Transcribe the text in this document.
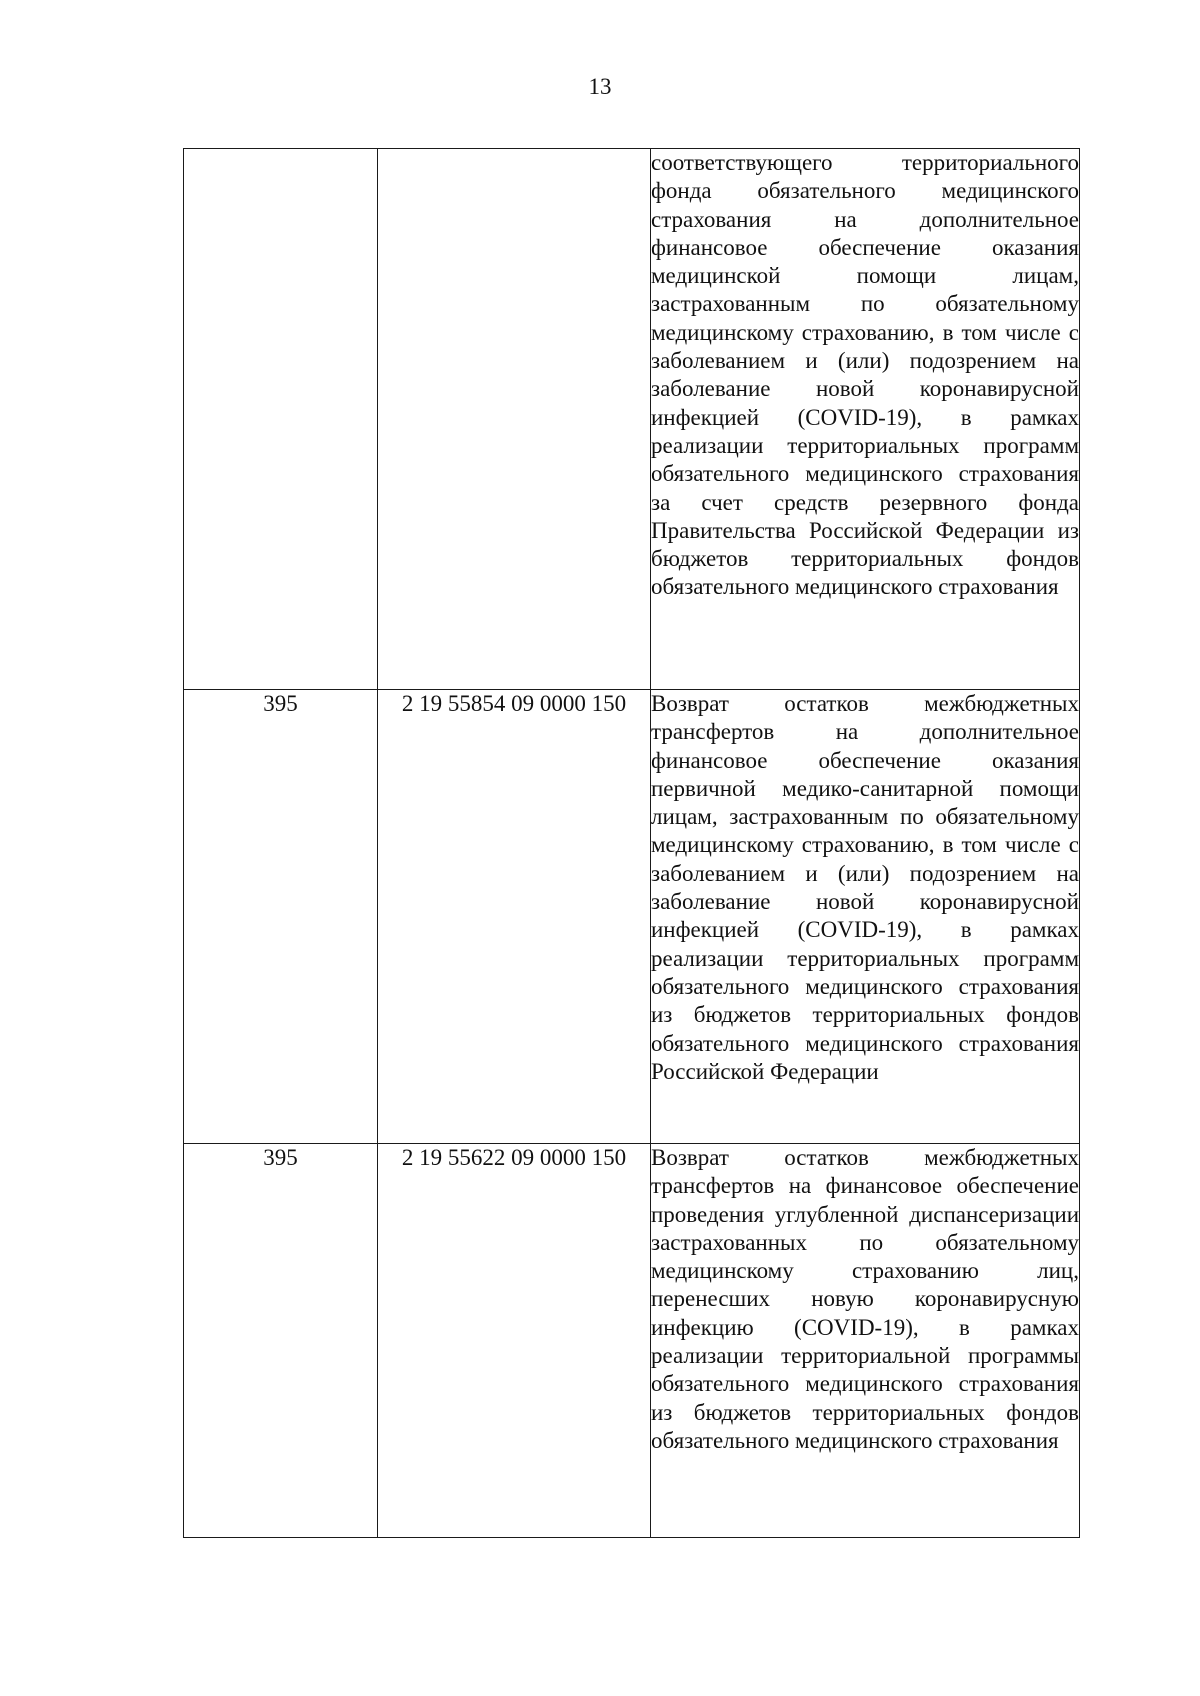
13
		соответствующего территориального фонда обязательного медицинского страхования на дополнительное финансовое обеспечение оказания медицинской помощи лицам, застрахованным по обязательному медицинскому страхованию, в том числе с заболеванием и (или) подозрением на заболевание новой коронавирусной инфекцией (COVID-19), в рамках реализации территориальных программ обязательного медицинского страхования за счет средств резервного фонда Правительства Российской Федерации из бюджетов территориальных фондов обязательного медицинского страхования
395	2 19 55854 09 0000 150	Возврат остатков межбюджетных трансфертов на дополнительное финансовое обеспечение оказания первичной медико-санитарной помощи лицам, застрахованным по обязательному медицинскому страхованию, в том числе с заболеванием и (или) подозрением на заболевание новой коронавирусной инфекцией (COVID-19), в рамках реализации территориальных программ обязательного медицинского страхования из бюджетов территориальных фондов обязательного медицинского страхования Российской Федерации
395	2 19 55622 09 0000 150	Возврат остатков межбюджетных трансфертов на финансовое обеспечение проведения углубленной диспансеризации застрахованных по обязательному медицинскому страхованию лиц, перенесших новую коронавирусную инфекцию (COVID-19), в рамках реализации территориальной программы обязательного медицинского страхования из бюджетов территориальных фондов обязательного медицинского страхования
